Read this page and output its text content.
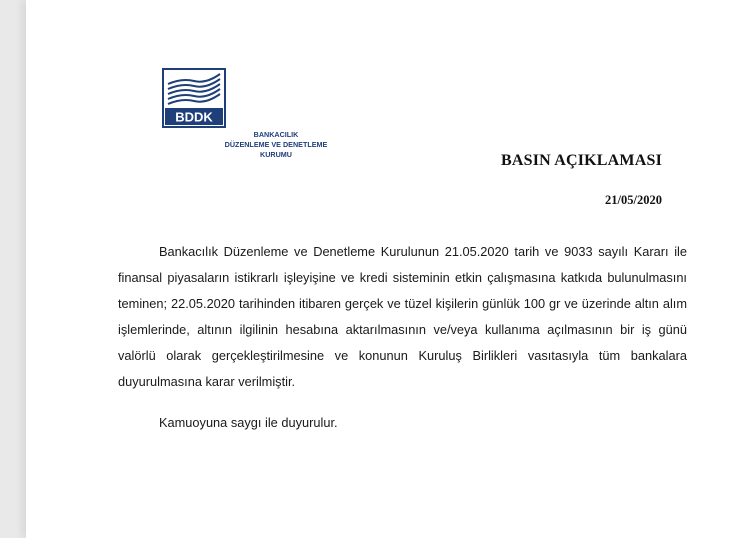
BDDK
BANKACILIK
DÜZENLEME VE DENETLEME
KURUMU	BASIN AÇIKLAMASI
21/05/2020

Bankacılık Düzenleme ve Denetleme Kurulunun 21.05.2020 tarih ve 9033 sayılı Kararı ile finansal piyasaların istikrarlı işleyişine ve kredi sisteminin etkin çalışmasına katkıda bulunulmasını teminen; 22.05.2020 tarihinden itibaren gerçek ve tüzel kişilerin günlük 100 gr ve üzerinde altın alım işlemlerinde, altının ilgilinin hesabına aktarılmasının ve/veya kullanıma açılmasının bir iş günü valörlü olarak gerçekleştirilmesine ve konunun Kuruluş Birlikleri vasıtasıyla tüm bankalara duyurulmasına karar verilmiştir.

Kamuoyuna saygı ile duyurulur.
